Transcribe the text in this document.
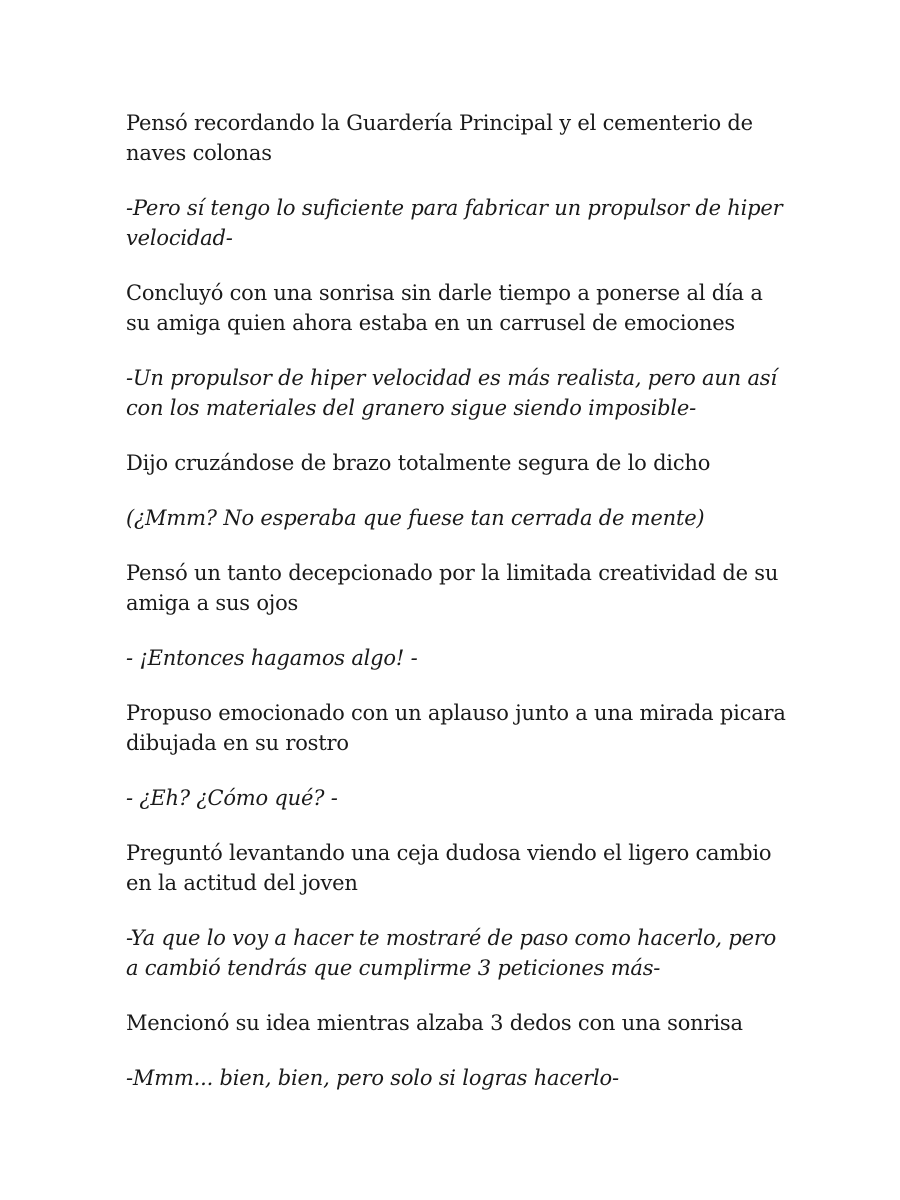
Pensó recordando la Guardería Principal y el cementerio de naves colonas

-Pero sí tengo lo suficiente para fabricar un propulsor de hiper velocidad-

Concluyó con una sonrisa sin darle tiempo a ponerse al día a su amiga quien ahora estaba en un carrusel de emociones

-Un propulsor de hiper velocidad es más realista, pero aun así con los materiales del granero sigue siendo imposible-

Dijo cruzándose de brazo totalmente segura de lo dicho

(¿Mmm? No esperaba que fuese tan cerrada de mente)

Pensó un tanto decepcionado por la limitada creatividad de su amiga a sus ojos

- ¡Entonces hagamos algo! -

Propuso emocionado con un aplauso junto a una mirada picara dibujada en su rostro

- ¿Eh? ¿Cómo qué? -

Preguntó levantando una ceja dudosa viendo el ligero cambio en la actitud del joven

-Ya que lo voy a hacer te mostraré de paso como hacerlo, pero a cambió tendrás que cumplirme 3 peticiones más-

Mencionó su idea mientras alzaba 3 dedos con una sonrisa

-Mmm... bien, bien, pero solo si logras hacerlo-
